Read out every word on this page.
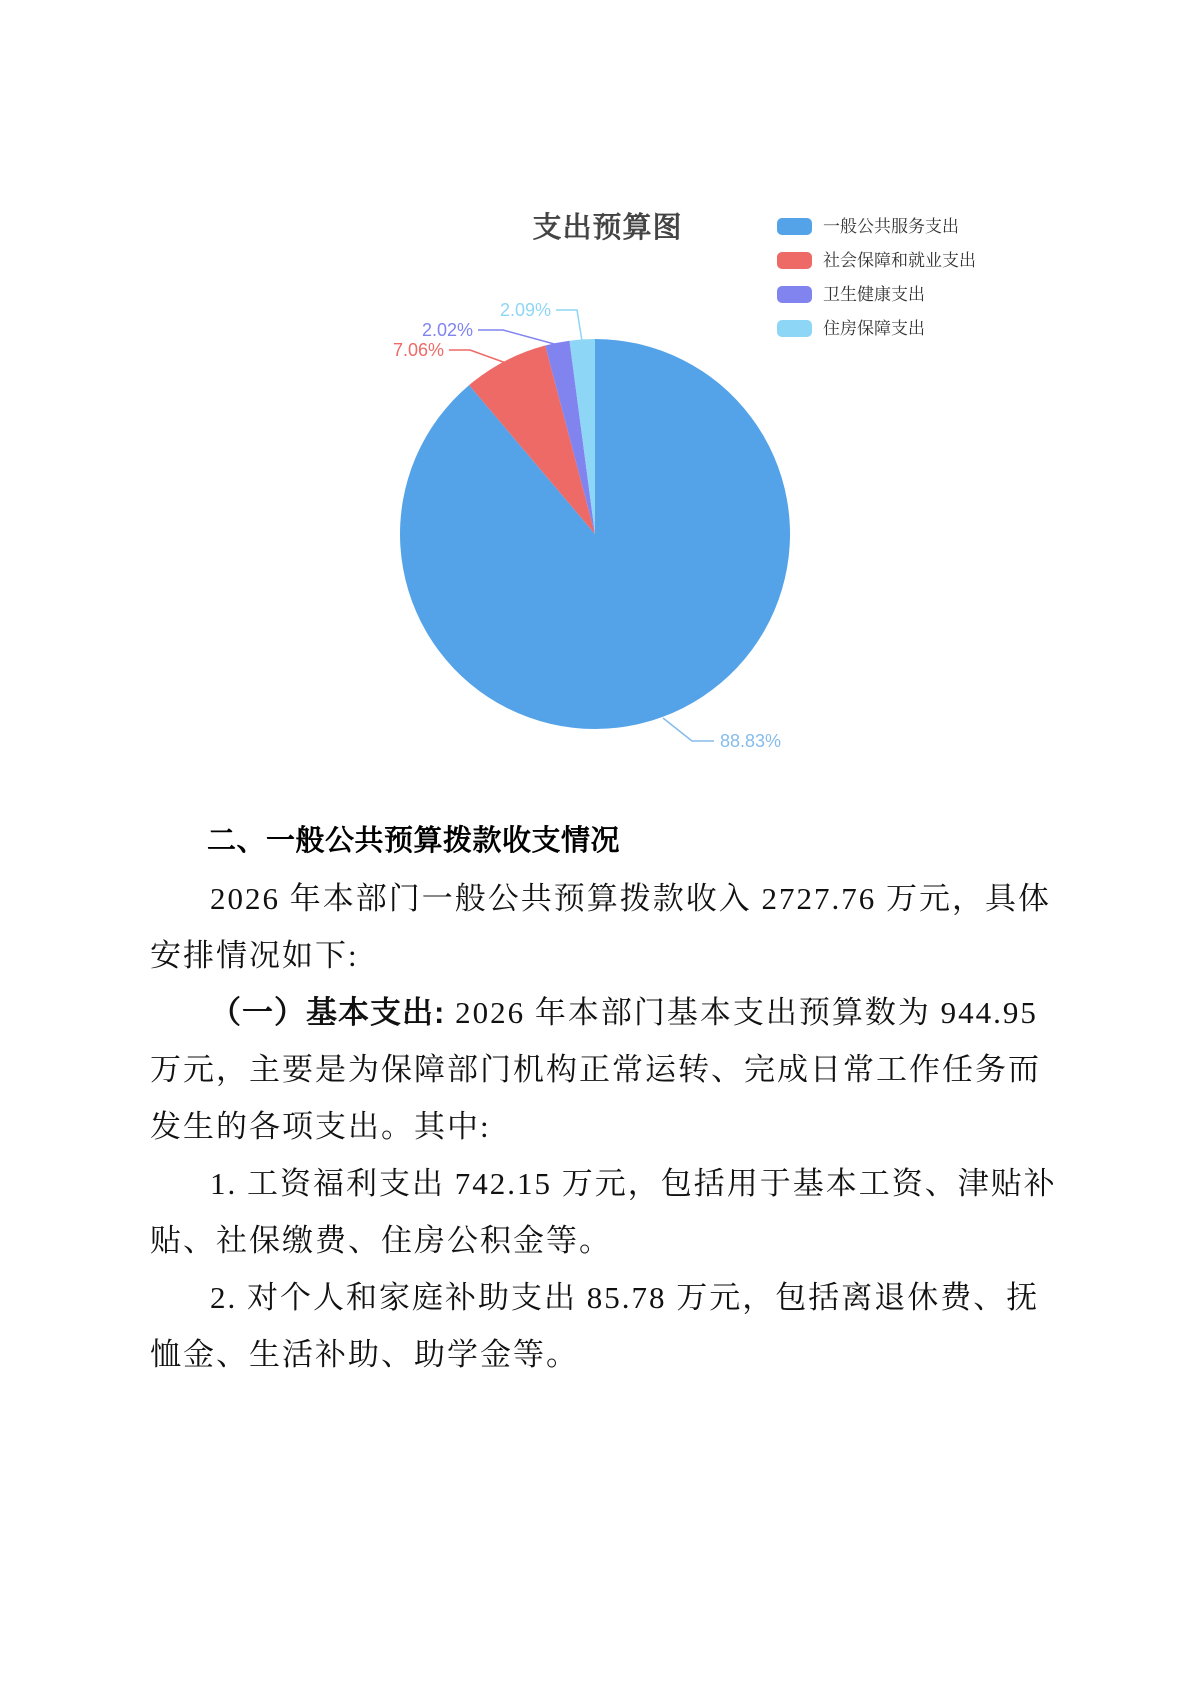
支出预算图	一般公共服务支出
社会保障和就业支出
卫生健康支出
住房保障支出
88.83%
7.06%
2.02%
2.09%
二、一般公共预算拨款收支情况
2026 年本部门一般公共预算拨款收入 2727.76 万元，具体
安排情况如下:
（一）基本支出: 2026 年本部门基本支出预算数为 944.95
万元，主要是为保障部门机构正常运转、完成日常工作任务而
发生的各项支出。其中:
1. 工资福利支出 742.15 万元，包括用于基本工资、津贴补
贴、社保缴费、住房公积金等。
2. 对个人和家庭补助支出 85.78 万元，包括离退休费、抚
恤金、生活补助、助学金等。
